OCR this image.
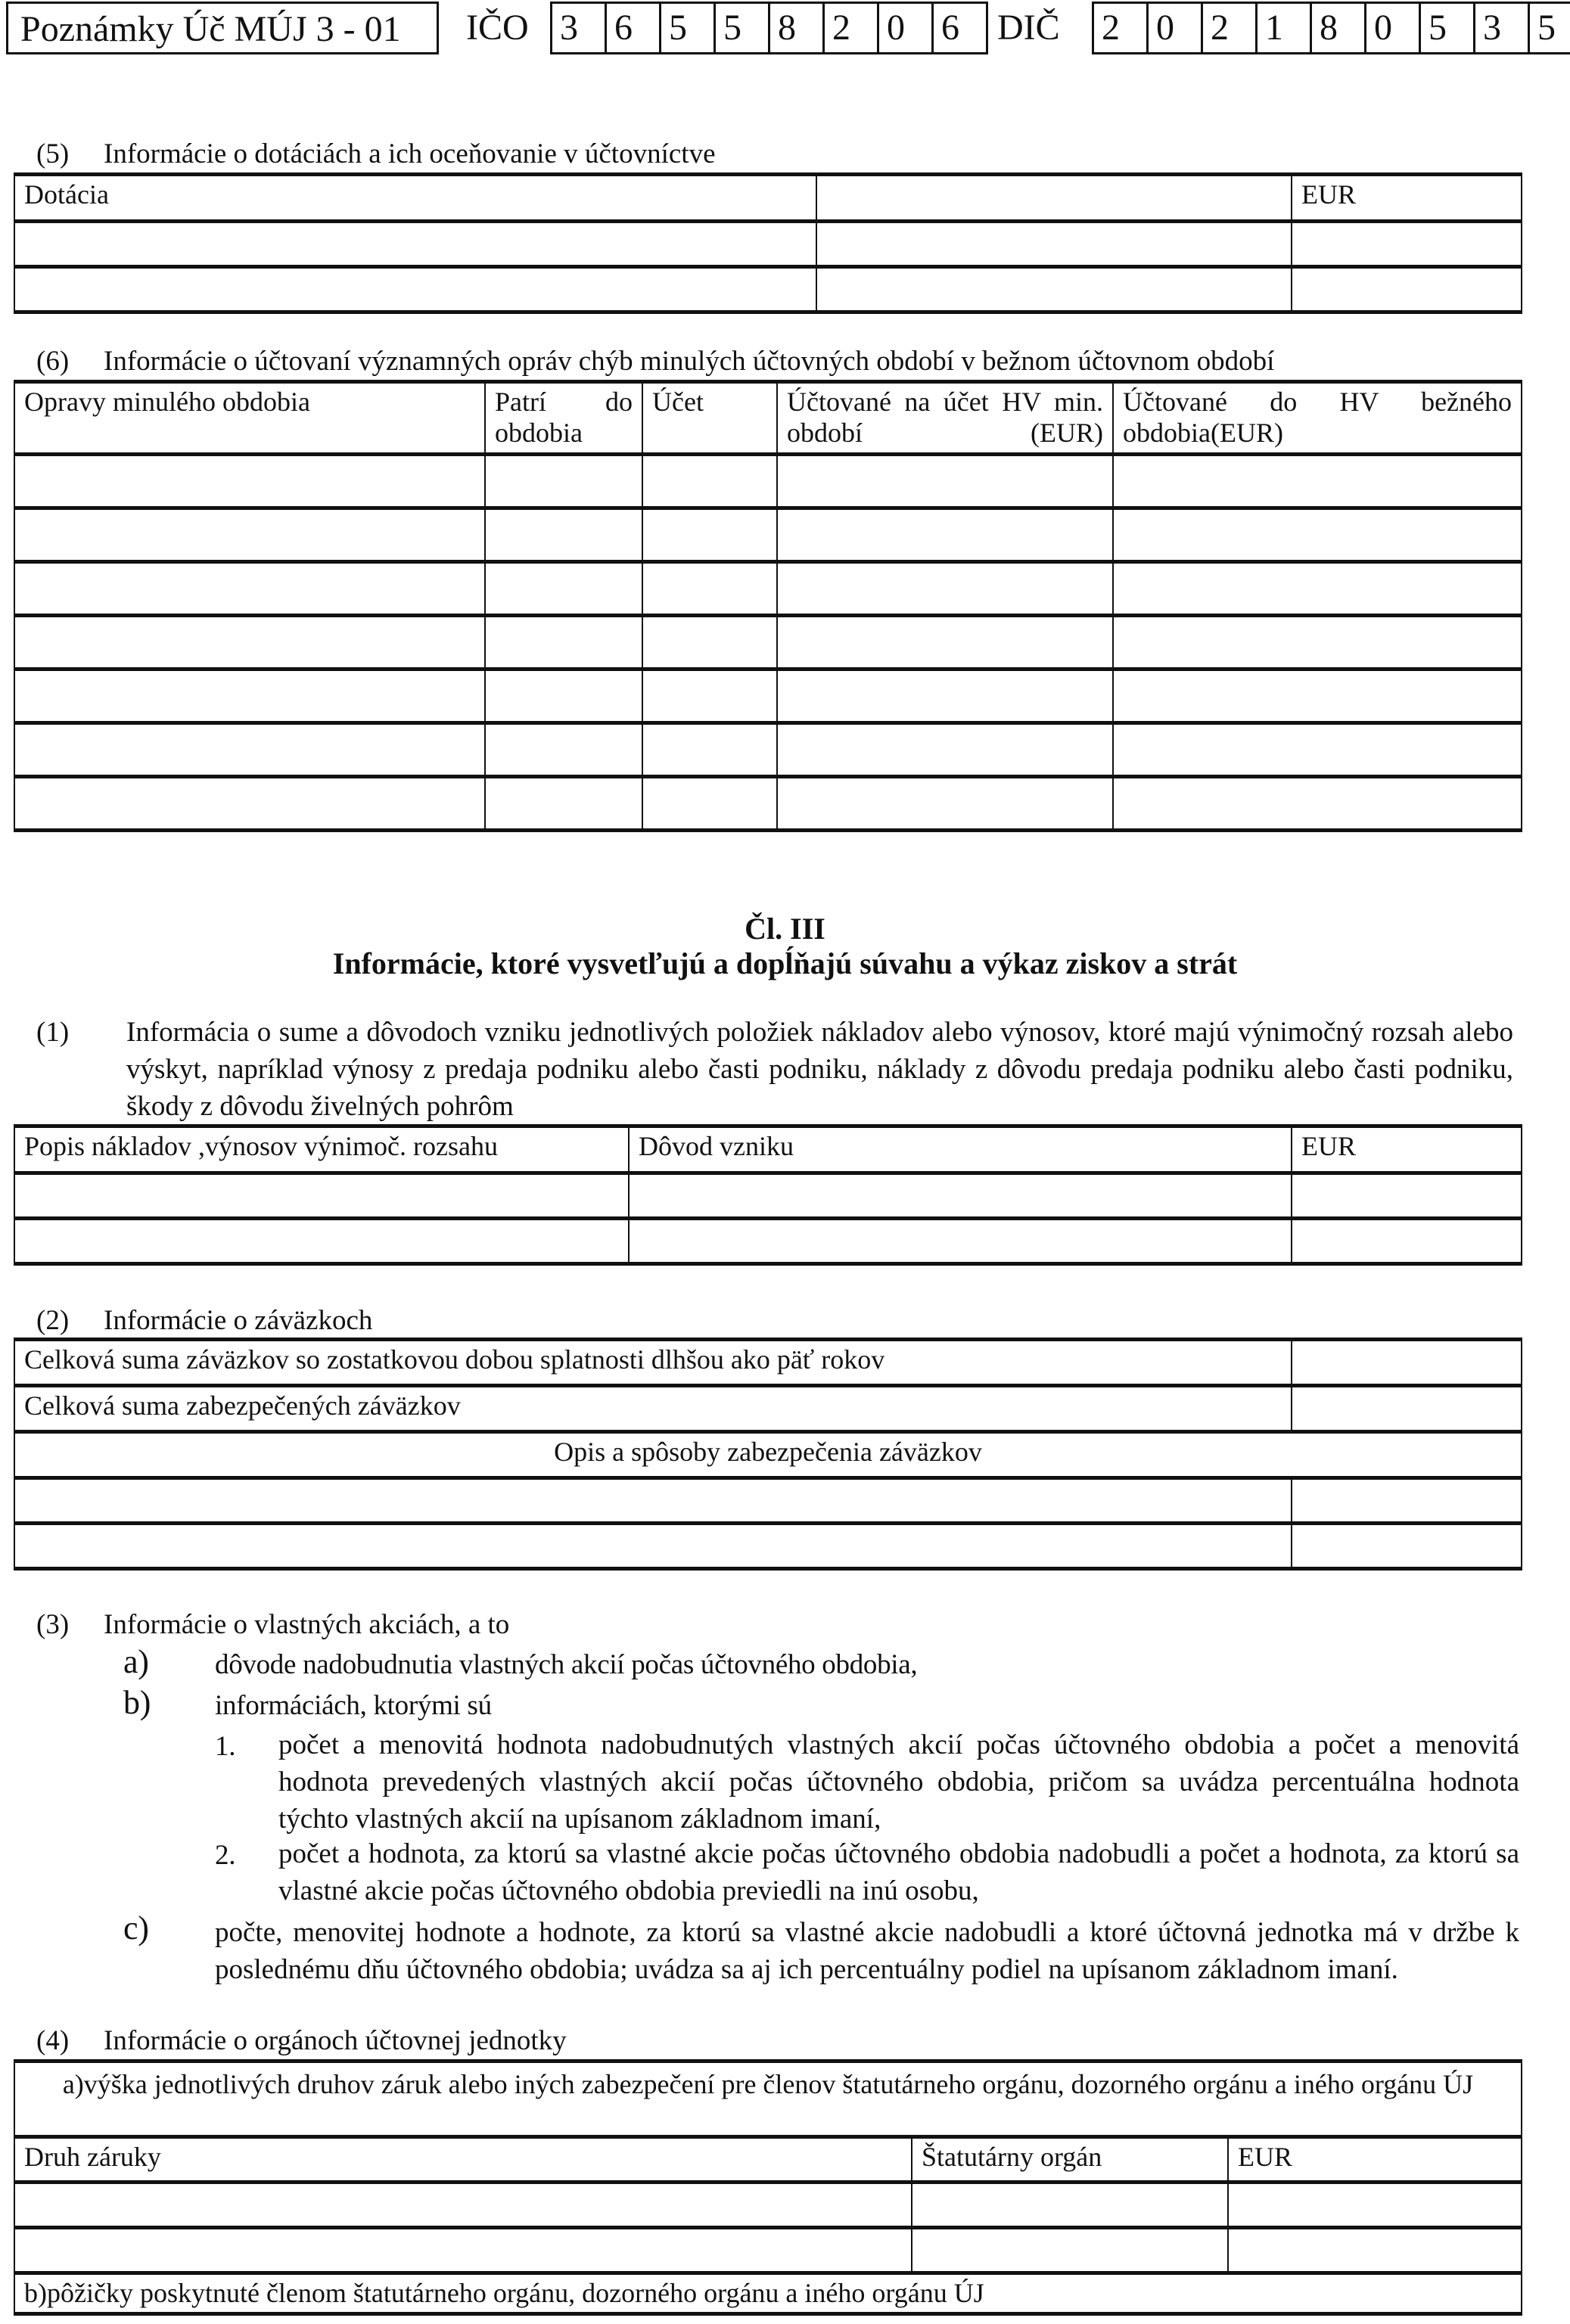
Poznámky Úč MÚJ 3 - 01	IČO 3	6	5	5	8	2	0	6	DIČ 2	0	2	1	8	0	5	3	5
(5) Informácie o dotáciách a ich oceňovanie v účtovníctve
Dotácia		EUR

(6) Informácie o účtovaní významných opráv chýb minulých účtovných období v bežnom účtovnom období
Opravy minulého obdobia	Patrí do obdobia	Účet	Účtované na účet HV min. období (EUR)	Účtované do HV bežného obdobia(EUR)

Čl. III
Informácie, ktoré vysvetľujú a dopĺňajú súvahu a výkaz ziskov a strát
(1) Informácia o sume a dôvodoch vzniku jednotlivých položiek nákladov alebo výnosov, ktoré majú výnimočný rozsah alebo výskyt, napríklad výnosy z predaja podniku alebo časti podniku, náklady z dôvodu predaja podniku alebo časti podniku, škody z dôvodu živelných pohrôm
Popis nákladov ,výnosov výnimoč. rozsahu	Dôvod vzniku	EUR

(2) Informácie o záväzkoch
Celková suma záväzkov so zostatkovou dobou splatnosti dlhšou ako päť rokov	
Celková suma zabezpečených záväzkov	
Opis a spôsoby zabezpečenia záväzkov	

(3) Informácie o vlastných akciách, a to
a) dôvode nadobudnutia vlastných akcií počas účtovného obdobia,
b) informáciách, ktorými sú
1. počet a menovitá hodnota nadobudnutých vlastných akcií počas účtovného obdobia a počet a menovitá hodnota prevedených vlastných akcií počas účtovného obdobia, pričom sa uvádza percentuálna hodnota týchto vlastných akcií na upísanom základnom imaní,
2. počet a hodnota, za ktorú sa vlastné akcie počas účtovného obdobia nadobudli a počet a hodnota, za ktorú sa vlastné akcie počas účtovného obdobia previedli na inú osobu,
c) počte, menovitej hodnote a hodnote, za ktorú sa vlastné akcie nadobudli a ktoré účtovná jednotka má v držbe k poslednému dňu účtovného obdobia; uvádza sa aj ich percentuálny podiel na upísanom základnom imaní.
(4) Informácie o orgánoch účtovnej jednotky
a)výška jednotlivých druhov záruk alebo iných zabezpečení pre členov štatutárneho orgánu, dozorného orgánu a iného orgánu ÚJ		
Druh záruky	Štatutárny orgán	EUR

b)pôžičky poskytnuté členom štatutárneho orgánu, dozorného orgánu a iného orgánu ÚJ		
